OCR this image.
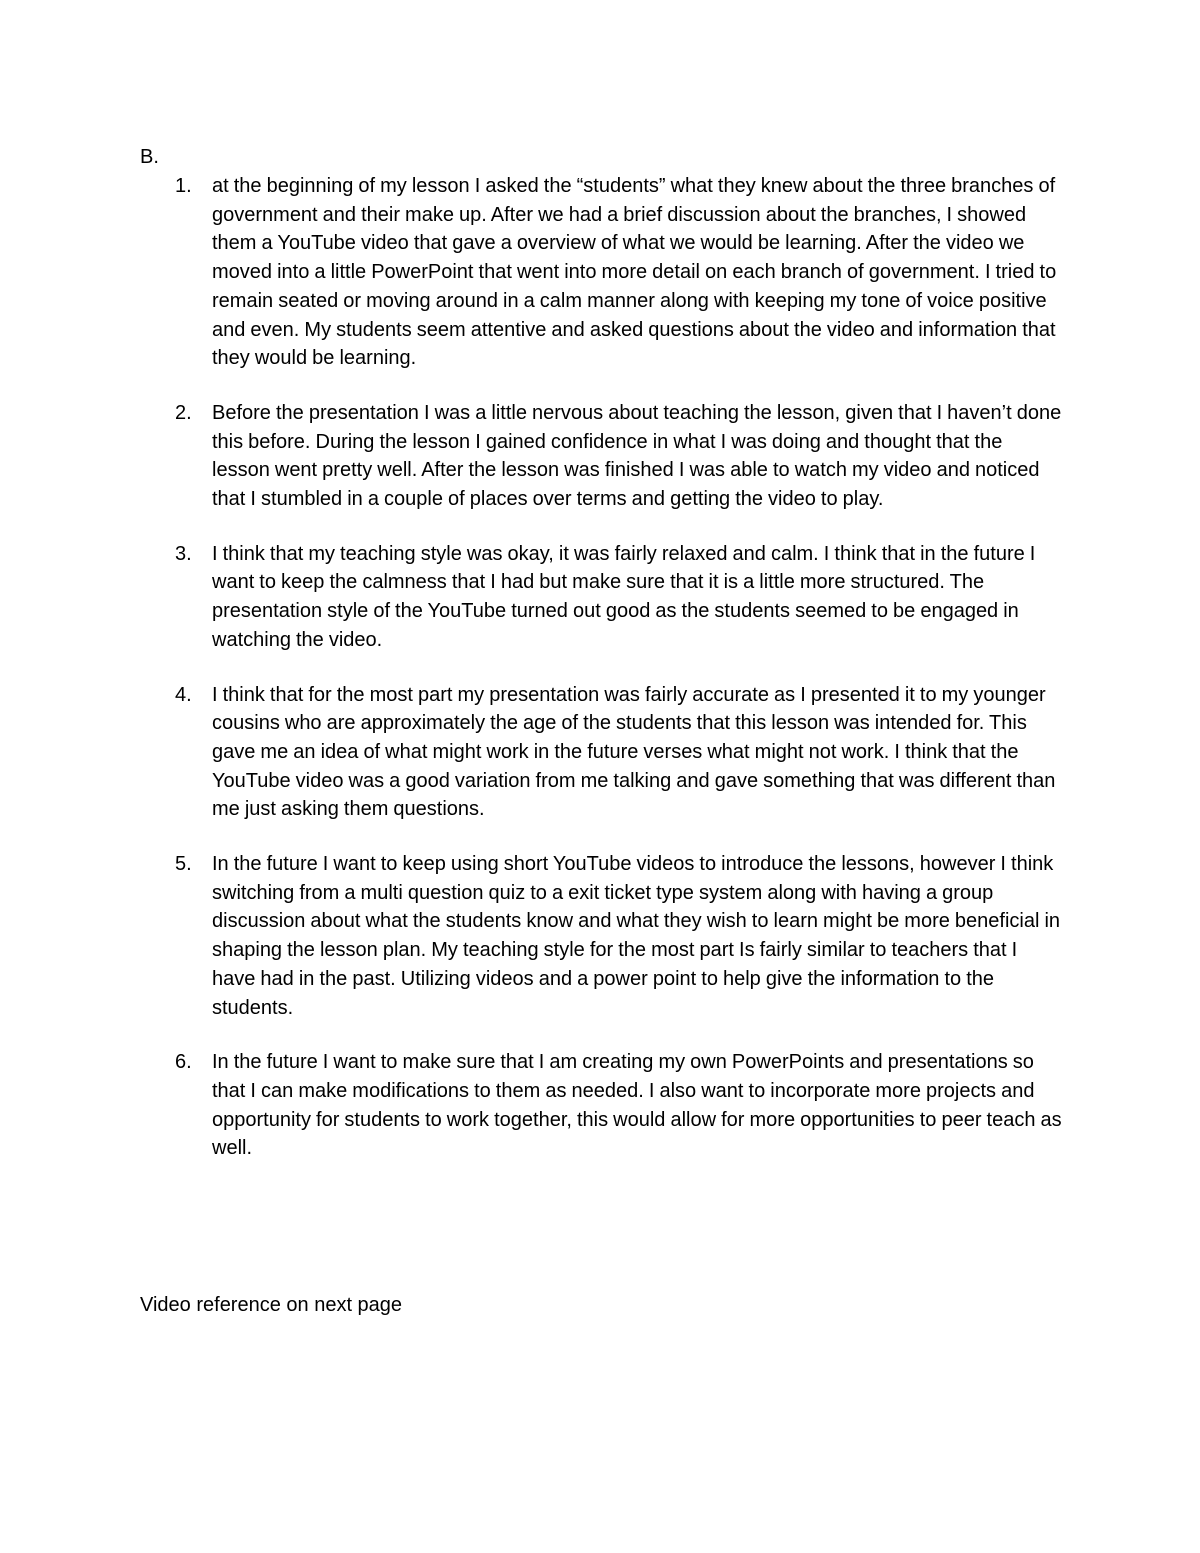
B.
1. at the beginning of my lesson I asked the “students” what they knew about the three branches of government and their make up. After we had a brief discussion about the branches, I showed them a YouTube video that gave a overview of what we would be learning. After the video we moved into a little PowerPoint that went into more detail on each branch of government. I tried to remain seated or moving around in a calm manner along with keeping my tone of voice positive and even. My students seem attentive and asked questions about the video and information that they would be learning.
2. Before the presentation I was a little nervous about teaching the lesson, given that I haven’t done this before. During the lesson I gained confidence in what I was doing and thought that the lesson went pretty well. After the lesson was finished I was able to watch my video and noticed that I stumbled in a couple of places over terms and getting the video to play.
3. I think that my teaching style was okay, it was fairly relaxed and calm. I think that in the future I want to keep the calmness that I had but make sure that it is a little more structured. The presentation style of the YouTube turned out good as the students seemed to be engaged in watching the video.
4. I think that for the most part my presentation was fairly accurate as I presented it to my younger cousins who are approximately the age of the students that this lesson was intended for. This gave me an idea of what might work in the future verses what might not work. I think that the YouTube video was a good variation from me talking and gave something that was different than me just asking them questions.
5. In the future I want to keep using short YouTube videos to introduce the lessons, however I think switching from a multi question quiz to a exit ticket type system along with having a group discussion about what the students know and what they wish to learn might be more beneficial in shaping the lesson plan. My teaching style for the most part Is fairly similar to teachers that I have had in the past. Utilizing videos and a power point to help give the information to the students.
6. In the future I want to make sure that I am creating my own PowerPoints and presentations so that I can make modifications to them as needed. I also want to incorporate more projects and opportunity for students to work together, this would allow for more opportunities to peer teach as well.
Video reference on next page
